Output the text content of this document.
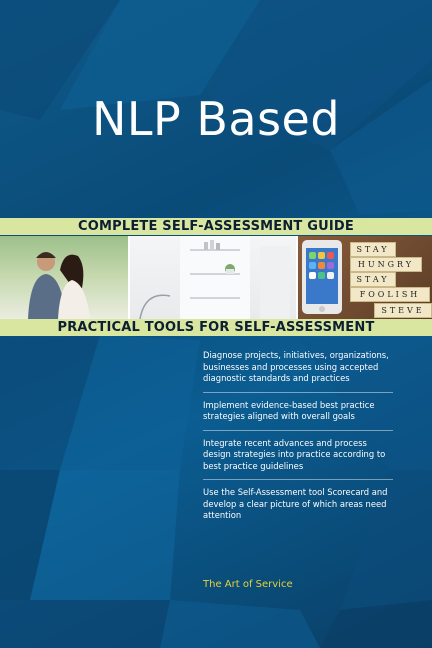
NLP Based
COMPLETE SELF-ASSESSMENT GUIDE
STAY
HUNGRY
STAY
FOOLISH
STEVE
PRACTICAL TOOLS FOR SELF-ASSESSMENT
Diagnose projects, initiatives, organizations, businesses and processes using accepted diagnostic standards and practices
Implement evidence-based best practice strategies aligned with overall goals
Integrate recent advances and process design strategies into practice according to best practice guidelines
Use the Self-Assessment tool Scorecard and develop a clear picture of which areas need attention
The Art of Service
